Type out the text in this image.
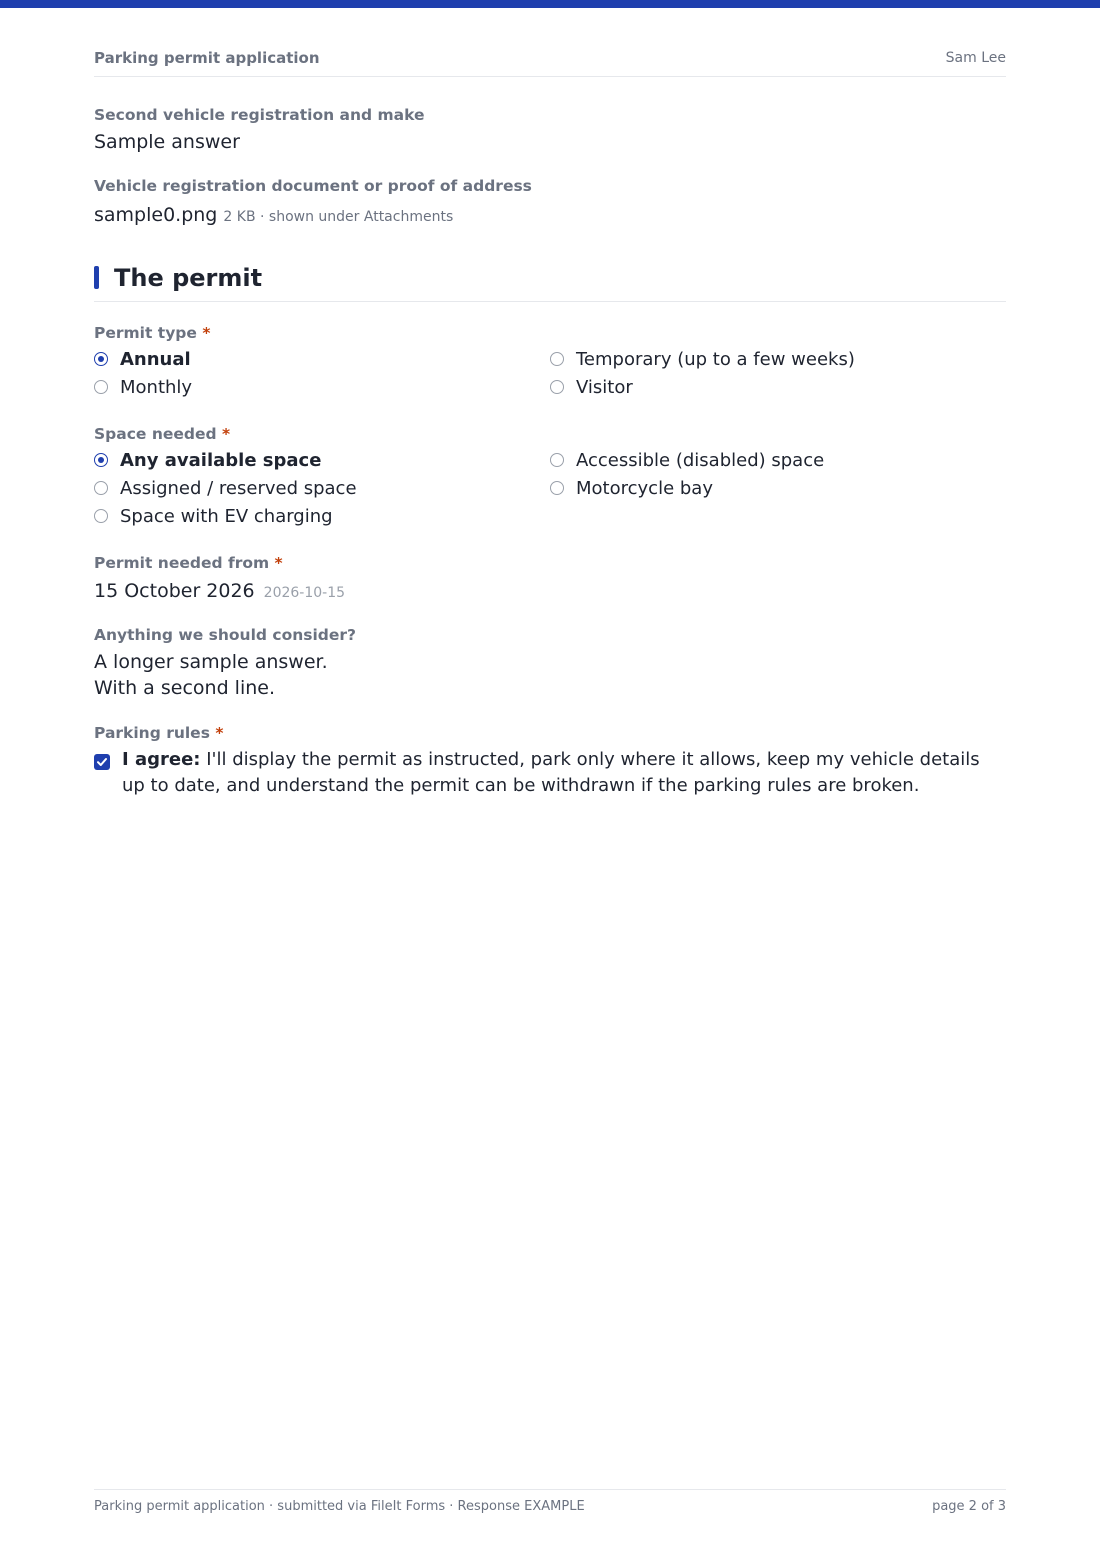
Parking permit application	Sam Lee
Second vehicle registration and make
Sample answer
Vehicle registration document or proof of address
sample0.png 2 KB · shown under Attachments
The permit
Permit type *
Annual	Temporary (up to a few weeks)
Monthly	Visitor
Space needed *
Any available space	Accessible (disabled) space
Assigned / reserved space	Motorcycle bay
Space with EV charging
Permit needed from *
15 October 2026 2026-10-15
Anything we should consider?
A longer sample answer.
With a second line.
Parking rules *
I agree: I'll display the permit as instructed, park only where it allows, keep my vehicle details up to date, and understand the permit can be withdrawn if the parking rules are broken.
Parking permit application · submitted via FileIt Forms · Response EXAMPLE	page 2 of 3
